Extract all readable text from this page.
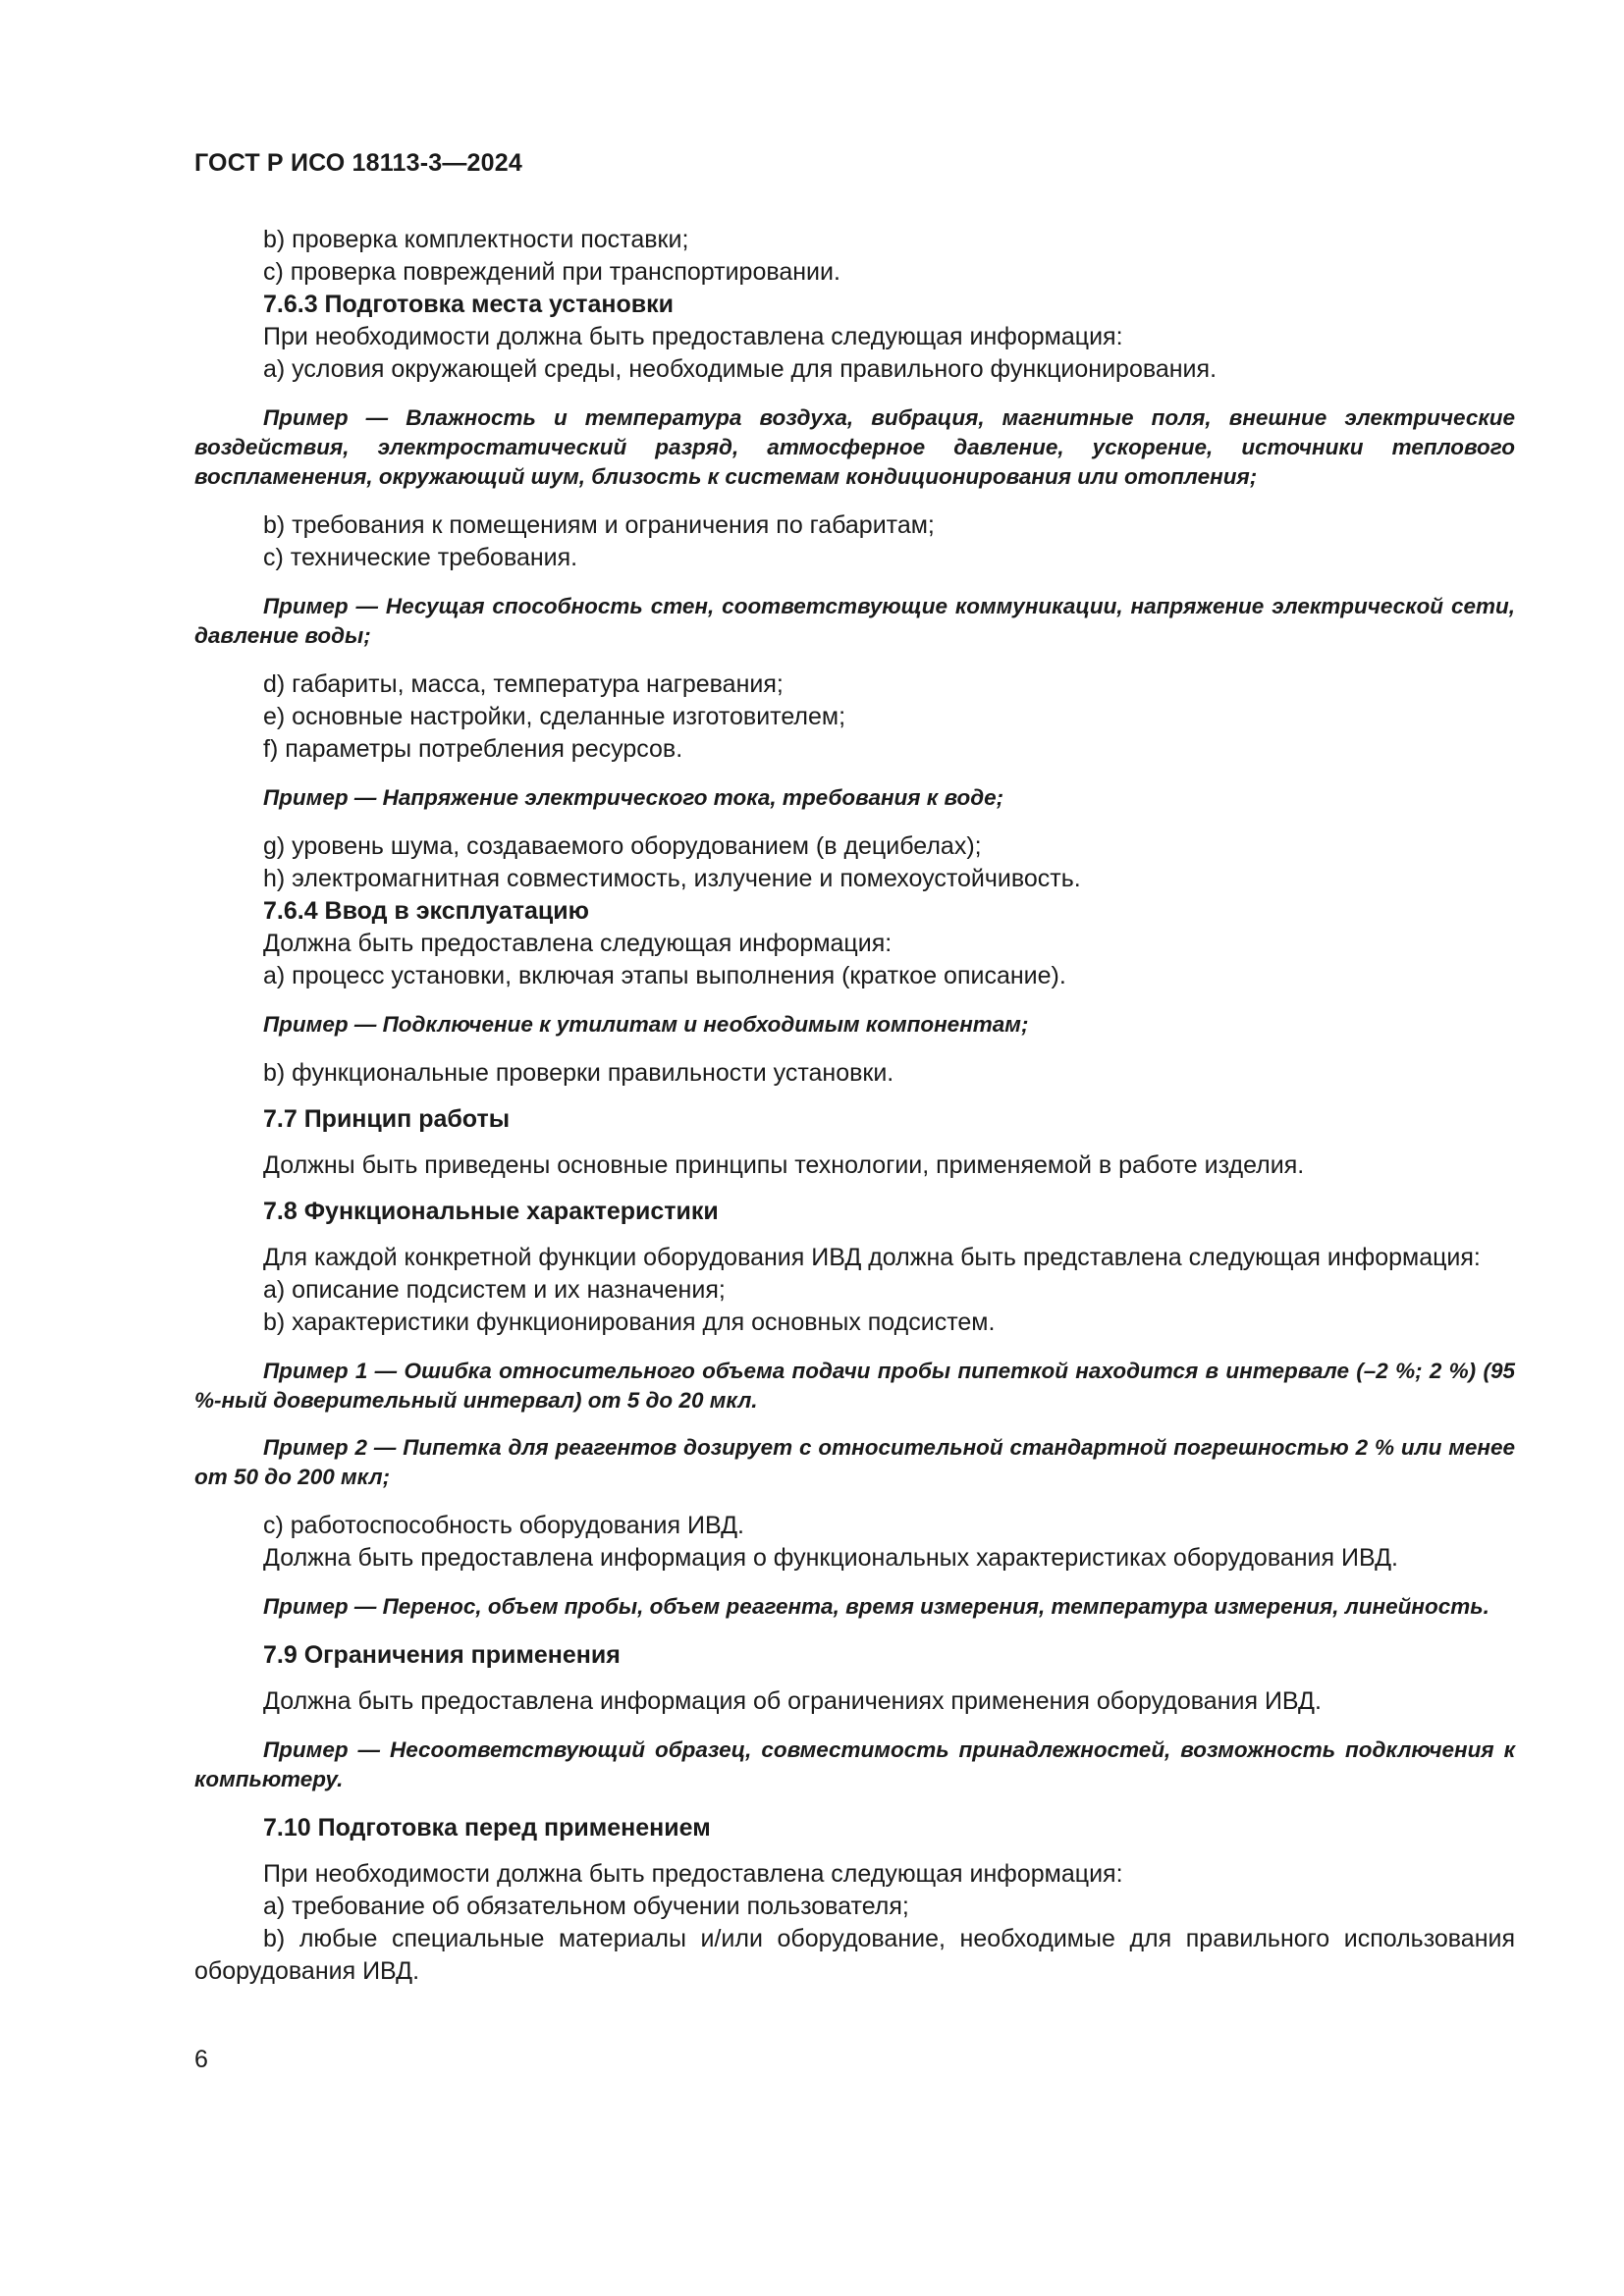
ГОСТ Р ИСО 18113-3—2024

b) проверка комплектности поставки;

c) проверка повреждений при транспортировании.

7.6.3 Подготовка места установки

При необходимости должна быть предоставлена следующая информация:

a) условия окружающей среды, необходимые для правильного функционирования.

Пример — Влажность и температура воздуха, вибрация, магнитные поля, внешние электрические воздействия, электростатический разряд, атмосферное давление, ускорение, источники теплового воспламенения, окружающий шум, близость к системам кондиционирования или отопления;

b) требования к помещениям и ограничения по габаритам;

c) технические требования.

Пример — Несущая способность стен, соответствующие коммуникации, напряжение электрической сети, давление воды;

d) габариты, масса, температура нагревания;

e) основные настройки, сделанные изготовителем;

f) параметры потребления ресурсов.

Пример — Напряжение электрического тока, требования к воде;

g) уровень шума, создаваемого оборудованием (в децибелах);

h) электромагнитная совместимость, излучение и помехоустойчивость.

7.6.4 Ввод в эксплуатацию

Должна быть предоставлена следующая информация:

a) процесс установки, включая этапы выполнения (краткое описание).

Пример — Подключение к утилитам и необходимым компонентам;

b) функциональные проверки правильности установки.

7.7 Принцип работы

Должны быть приведены основные принципы технологии, применяемой в работе изделия.

7.8 Функциональные характеристики

Для каждой конкретной функции оборудования ИВД должна быть представлена следующая информация:

a) описание подсистем и их назначения;

b) характеристики функционирования для основных подсистем.

Пример 1 — Ошибка относительного объема подачи пробы пипеткой находится в интервале (–2 %; 2 %) (95 %-ный доверительный интервал) от 5 до 20 мкл.

Пример 2 — Пипетка для реагентов дозирует с относительной стандартной погрешностью 2 % или менее от 50 до 200 мкл;

c) работоспособность оборудования ИВД.

Должна быть предоставлена информация о функциональных характеристиках оборудования ИВД.

Пример — Перенос, объем пробы, объем реагента, время измерения, температура измерения, линейность.

7.9 Ограничения применения

Должна быть предоставлена информация об ограничениях применения оборудования ИВД.

Пример — Несоответствующий образец, совместимость принадлежностей, возможность подключения к компьютеру.

7.10 Подготовка перед применением

При необходимости должна быть предоставлена следующая информация:

a) требование об обязательном обучении пользователя;

b) любые специальные материалы и/или оборудование, необходимые для правильного использования оборудования ИВД.

6
